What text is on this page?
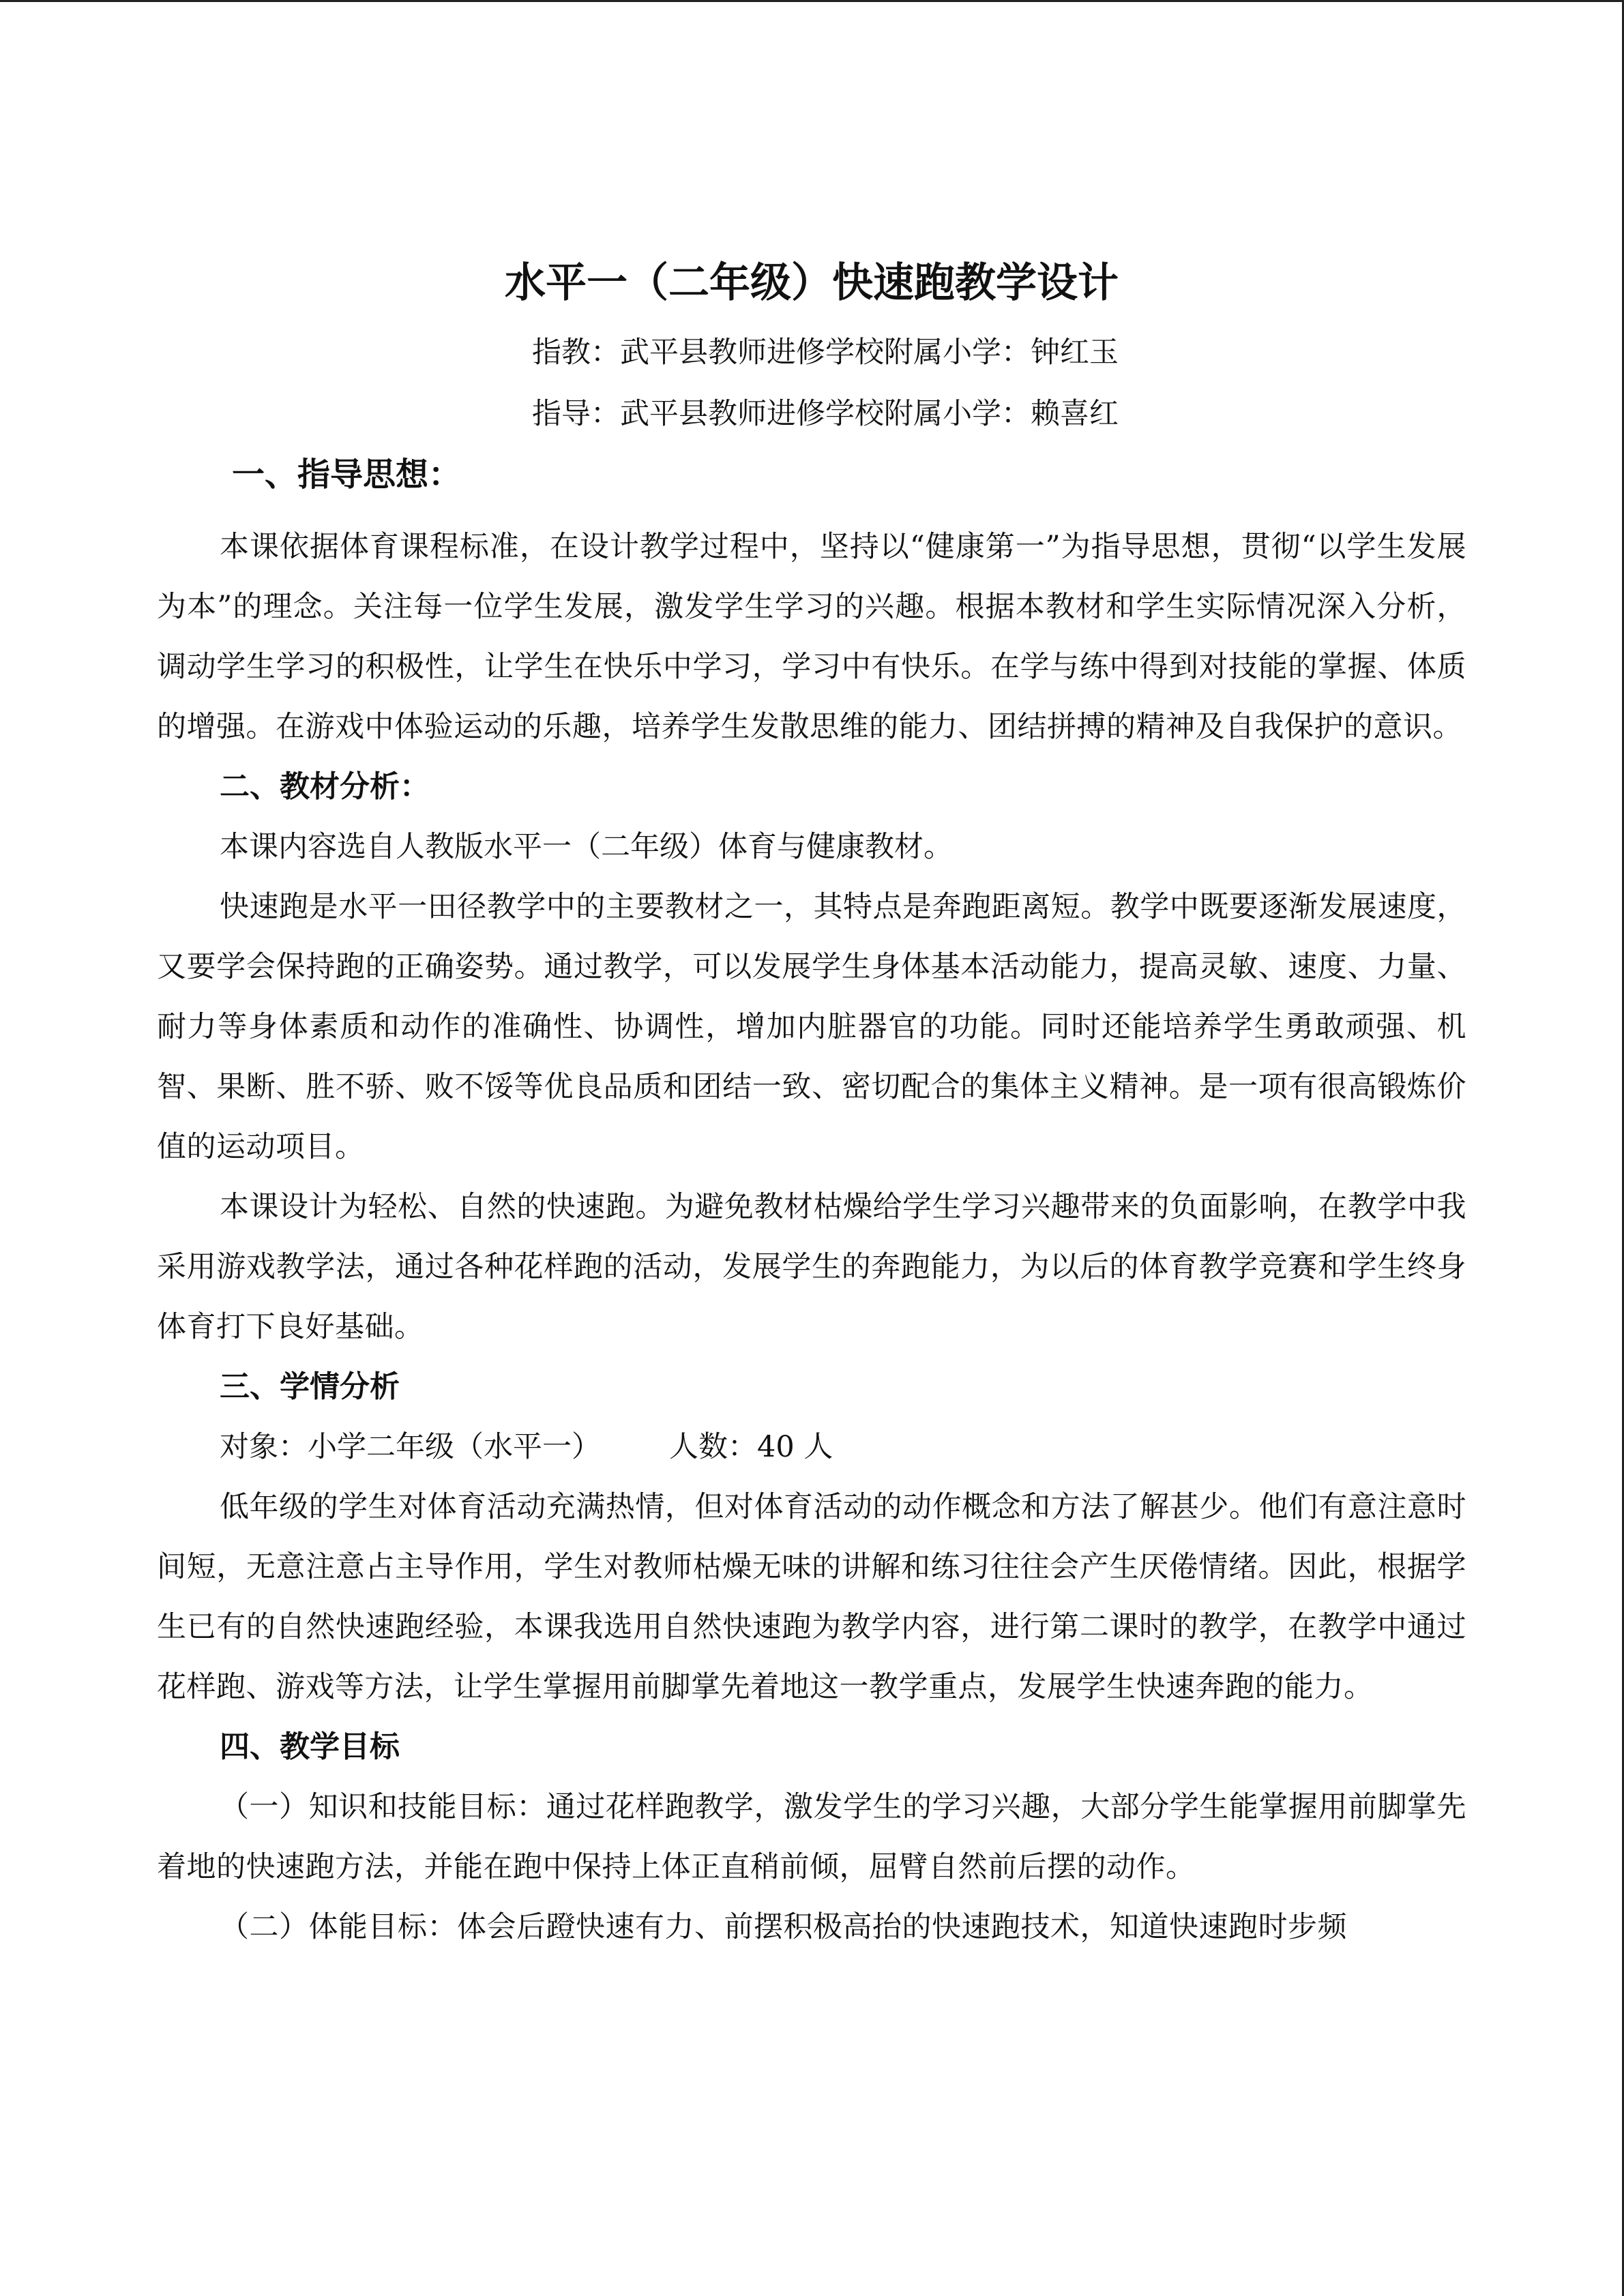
水平一（二年级）快速跑教学设计
指教：武平县教师进修学校附属小学：钟红玉
指导：武平县教师进修学校附属小学：赖喜红
一、指导思想：

本课依据体育课程标准，在设计教学过程中，坚持以“健康第一”为指导思想，贯彻“以学生发展为本”的理念。关注每一位学生发展，激发学生学习的兴趣。根据本教材和学生实际情况深入分析，调动学生学习的积极性，让学生在快乐中学习，学习中有快乐。在学与练中得到对技能的掌握、体质的增强。在游戏中体验运动的乐趣，培养学生发散思维的能力、团结拼搏的精神及自我保护的意识。

二、教材分析：

本课内容选自人教版水平一（二年级）体育与健康教材。

快速跑是水平一田径教学中的主要教材之一，其特点是奔跑距离短。教学中既要逐渐发展速度，又要学会保持跑的正确姿势。通过教学，可以发展学生身体基本活动能力，提高灵敏、速度、力量、耐力等身体素质和动作的准确性、协调性，增加内脏器官的功能。同时还能培养学生勇敢顽强、机智、果断、胜不骄、败不馁等优良品质和团结一致、密切配合的集体主义精神。是一项有很高锻炼价值的运动项目。

本课设计为轻松、自然的快速跑。为避免教材枯燥给学生学习兴趣带来的负面影响，在教学中我采用游戏教学法，通过各种花样跑的活动，发展学生的奔跑能力，为以后的体育教学竞赛和学生终身体育打下良好基础。

三、学情分析

对象：小学二年级（水平一） 人数：40 人

低年级的学生对体育活动充满热情，但对体育活动的动作概念和方法了解甚少。他们有意注意时间短，无意注意占主导作用，学生对教师枯燥无味的讲解和练习往往会产生厌倦情绪。因此，根据学生已有的自然快速跑经验，本课我选用自然快速跑为教学内容，进行第二课时的教学，在教学中通过花样跑、游戏等方法，让学生掌握用前脚掌先着地这一教学重点，发展学生快速奔跑的能力。

四、教学目标

（一）知识和技能目标：通过花样跑教学，激发学生的学习兴趣，大部分学生能掌握用前脚掌先着地的快速跑方法，并能在跑中保持上体正直稍前倾，屈臂自然前后摆的动作。

（二）体能目标：体会后蹬快速有力、前摆积极高抬的快速跑技术，知道快速跑时步频
